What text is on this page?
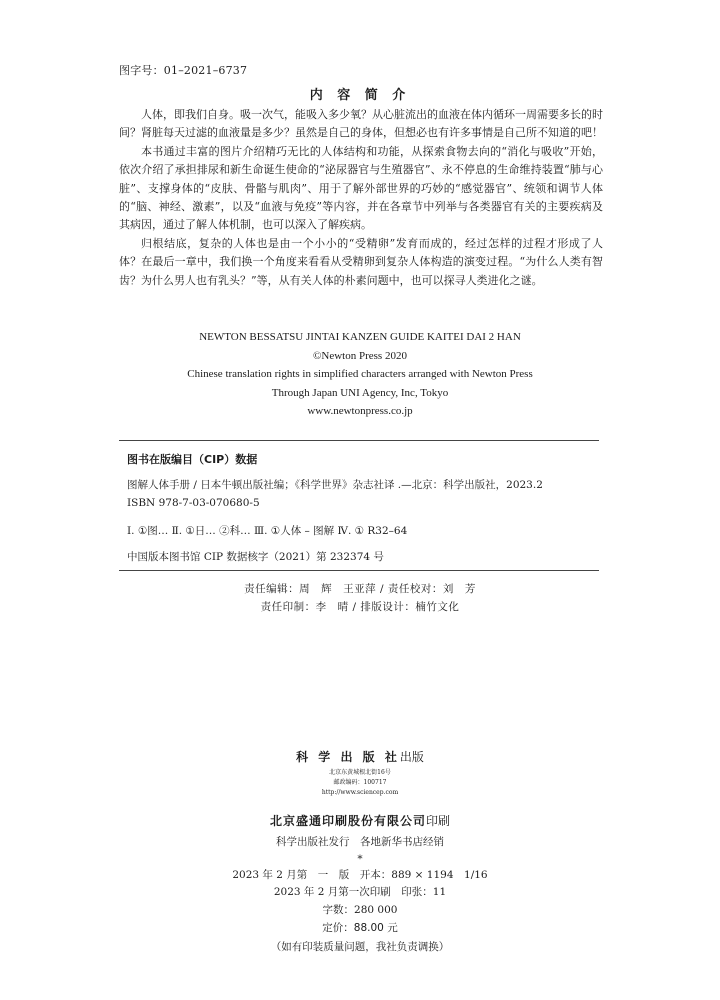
图字号：01–2021–6737
内 容 简 介

人体，即我们自身。吸一次气，能吸入多少氧？从心脏流出的血液在体内循环一周需要多长的时间？肾脏每天过滤的血液量是多少？虽然是自己的身体，但想必也有许多事情是自己所不知道的吧！

本书通过丰富的图片介绍精巧无比的人体结构和功能，从探索食物去向的“消化与吸收”开始，依次介绍了承担排尿和新生命诞生使命的“泌尿器官与生殖器官”、永不停息的生命维持装置“肺与心脏”、支撑身体的“皮肤、骨骼与肌肉”、用于了解外部世界的巧妙的“感觉器官”、统领和调节人体的“脑、神经、激素”，以及“血液与免疫”等内容，并在各章节中列举与各类器官有关的主要疾病及其病因，通过了解人体机制，也可以深入了解疾病。

归根结底，复杂的人体也是由一个小小的“受精卵”发育而成的，经过怎样的过程才形成了人体？在最后一章中，我们换一个角度来看看从受精卵到复杂人体构造的演变过程。“为什么人类有智齿？为什么男人也有乳头？”等，从有关人体的朴素问题中，也可以探寻人类进化之谜。

NEWTON BESSATSU JINTAI KANZEN GUIDE KAITEI DAI 2 HAN
©Newton Press 2020
Chinese translation rights in simplified characters arranged with Newton Press
Through Japan UNI Agency, Inc, Tokyo
www.newtonpress.co.jp
图书在版编目（CIP）数据
图解人体手册 / 日本牛顿出版社编；《科学世界》杂志社译 .—北京：科学出版社，2023.2
ISBN 978-7-03-070680-5
Ⅰ. ①图… Ⅱ. ①日… ②科… Ⅲ. ①人体 – 图解 Ⅳ. ① R32–64
中国版本图书馆 CIP 数据核字（2021）第 232374 号
责任编辑：周　辉　王亚萍 / 责任校对：刘　芳
责任印制：李　晴 / 排版设计：楠竹文化
科 学 出 版 社出版
北京东黄城根北街16号
邮政编码：100717
http://www.sciencep.com
北京盛通印刷股份有限公司印刷
科学出版社发行　各地新华书店经销
*
2023 年 2 月第　一　版　开本：889 × 1194　1/16
2023 年 2 月第一次印刷　印张：11
字数：280 000
定价：88.00 元
（如有印装质量问题，我社负责调换）
